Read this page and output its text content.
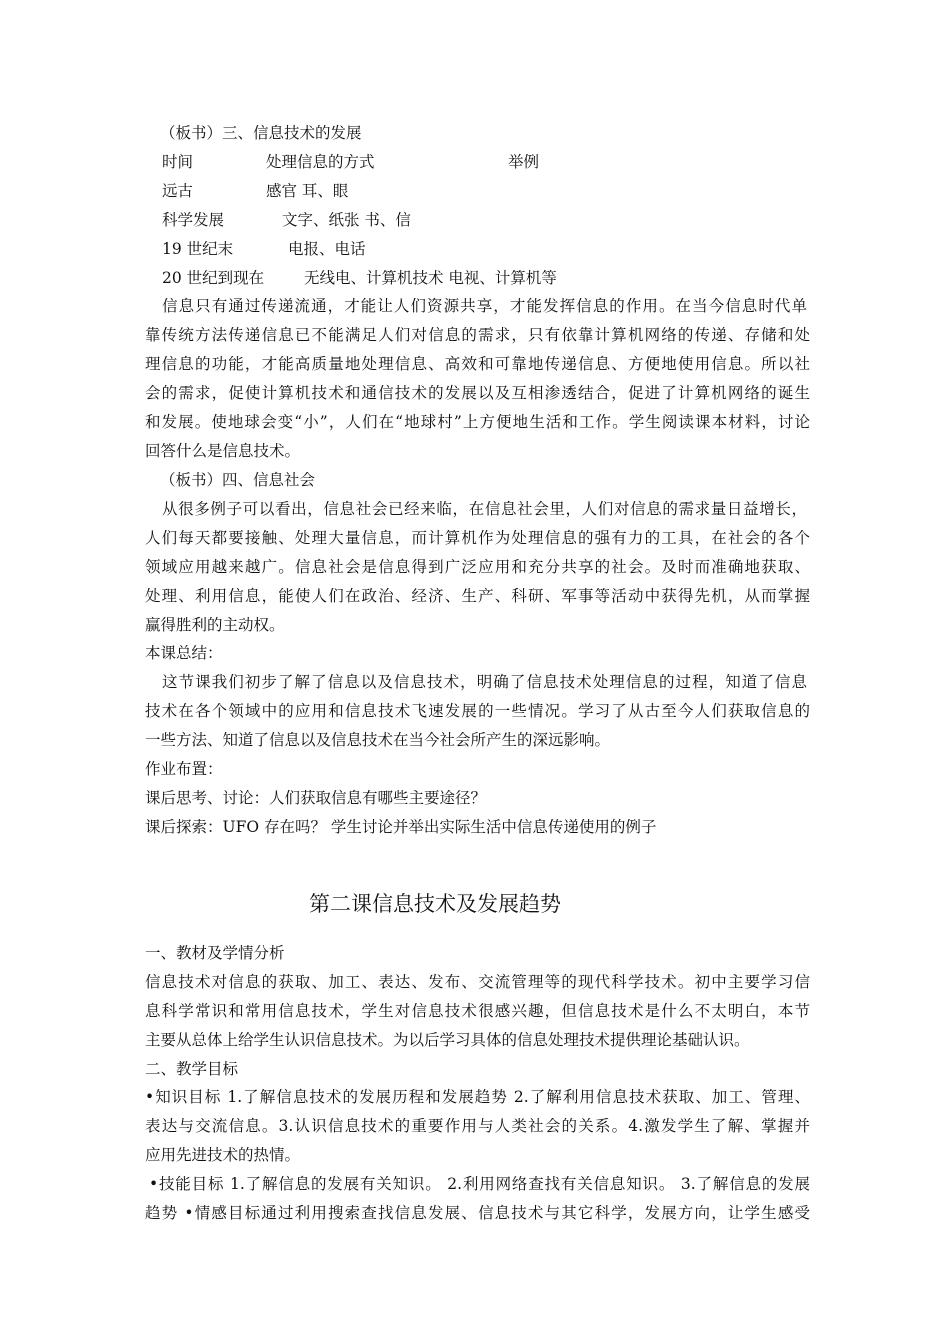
（板书）三、信息技术的发展
时间	处理信息的方式	举例
远古	感官 耳、眼
科学发展	文字、纸张 书、信
19 世纪末	电报、电话
20 世纪到现在	无线电、计算机技术 电视、计算机等
信息只有通过传递流通，才能让人们资源共享，才能发挥信息的作用。在当今信息时代单
靠传统方法传递信息已不能满足人们对信息的需求，只有依靠计算机网络的传递、存储和处
理信息的功能，才能高质量地处理信息、高效和可靠地传递信息、方便地使用信息。所以社
会的需求，促使计算机技术和通信技术的发展以及互相渗透结合，促进了计算机网络的诞生
和发展。使地球会变“小”，人们在“地球村”上方便地生活和工作。学生阅读课本材料，讨论
回答什么是信息技术。
（板书）四、信息社会
从很多例子可以看出，信息社会已经来临，在信息社会里，人们对信息的需求量日益增长，
人们每天都要接触、处理大量信息，而计算机作为处理信息的强有力的工具，在社会的各个
领域应用越来越广。信息社会是信息得到广泛应用和充分共享的社会。及时而准确地获取、
处理、利用信息，能使人们在政治、经济、生产、科研、军事等活动中获得先机，从而掌握
赢得胜利的主动权。
本课总结：
这节课我们初步了解了信息以及信息技术，明确了信息技术处理信息的过程，知道了信息
技术在各个领域中的应用和信息技术飞速发展的一些情况。学习了从古至今人们获取信息的
一些方法、知道了信息以及信息技术在当今社会所产生的深远影响。
作业布置：
课后思考、讨论：人们获取信息有哪些主要途径？
课后探索：UFO 存在吗？ 学生讨论并举出实际生活中信息传递使用的例子
第二课信息技术及发展趋势
一、教材及学情分析
信息技术对信息的获取、加工、表达、发布、交流管理等的现代科学技术。初中主要学习信
息科学常识和常用信息技术，学生对信息技术很感兴趣，但信息技术是什么不太明白，本节
主要从总体上给学生认识信息技术。为以后学习具体的信息处理技术提供理论基础认识。
二、教学目标
•知识目标 1.了解信息技术的发展历程和发展趋势 2.了解利用信息技术获取、加工、管理、
表达与交流信息。3.认识信息技术的重要作用与人类社会的关系。4.激发学生了解、掌握并
应用先进技术的热情。
•技能目标 1.了解信息的发展有关知识。 2.利用网络查找有关信息知识。 3.了解信息的发展
趋势 •情感目标通过利用搜索查找信息发展、信息技术与其它科学，发展方向，让学生感受
